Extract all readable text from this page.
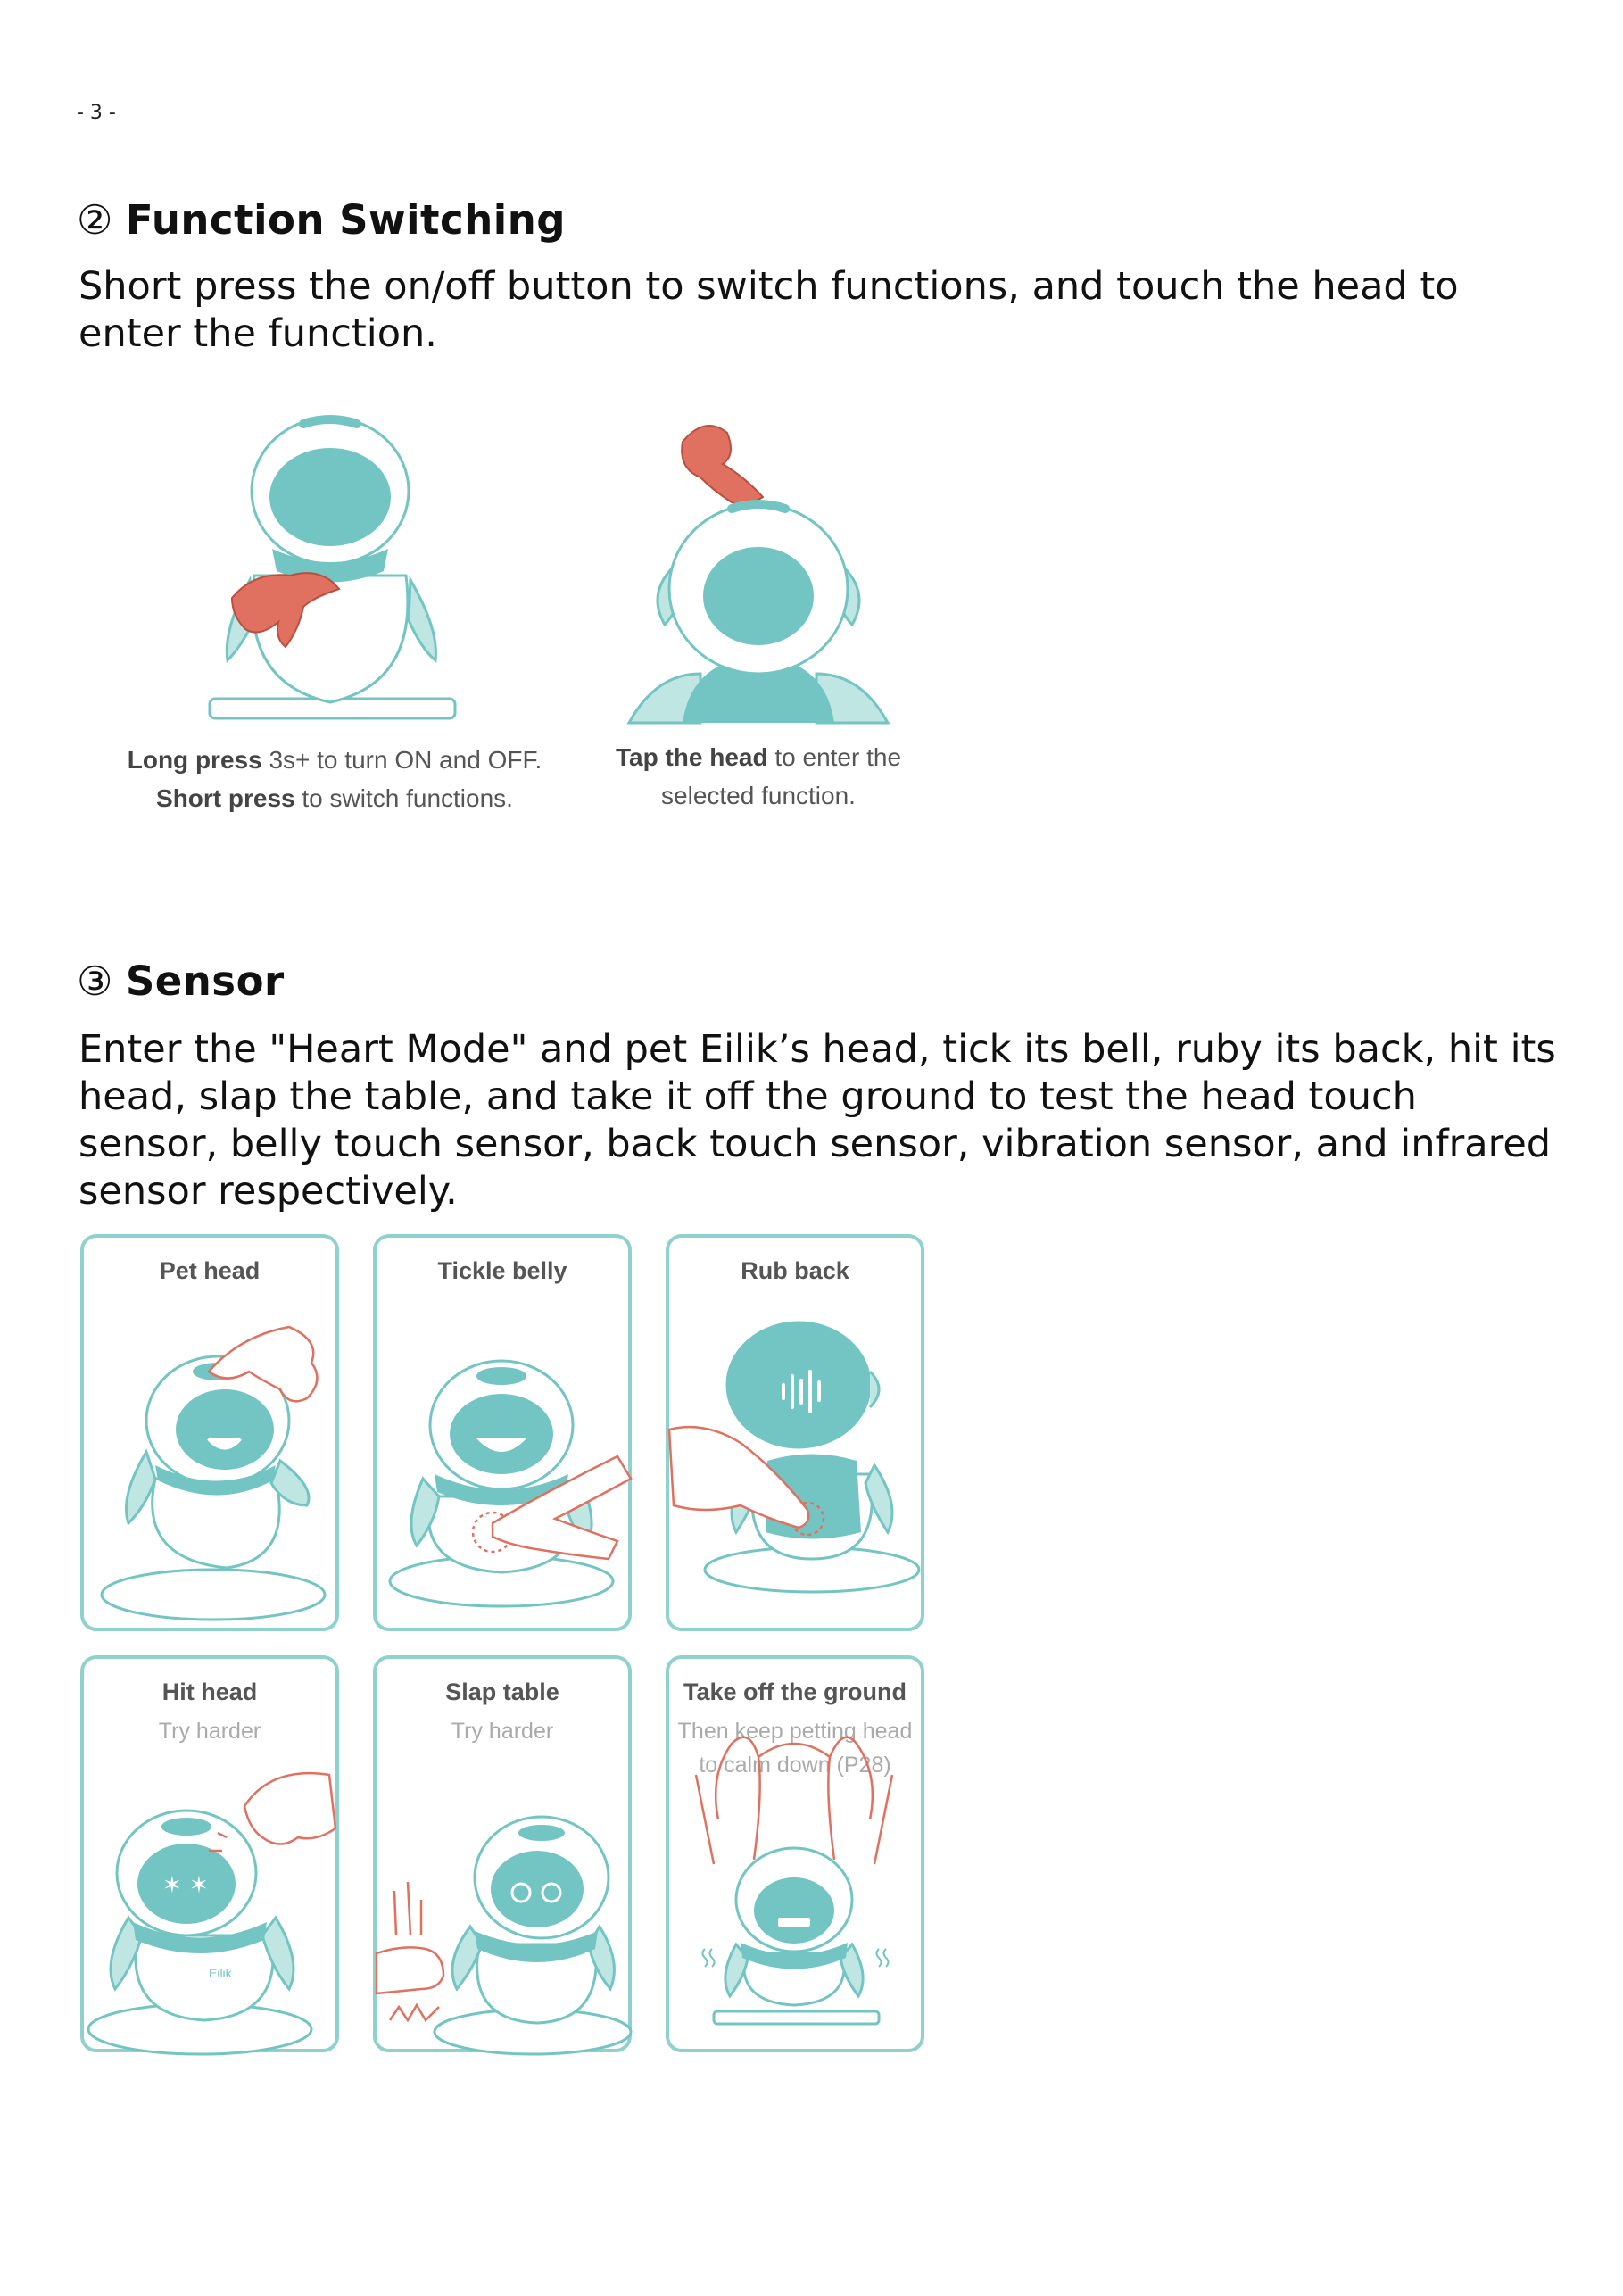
- 3 -
② Function Switching

Short press the on/off button to switch functions, and touch the head to enter the function.

Long press 3s+ to turn ON and OFF.
Short press to switch functions.
Tap the head to enter the
selected function.
③ Sensor

Enter the "Heart Mode" and pet Eilik’s head, tick its bell, ruby its back, hit its head, slap the table, and take it off the ground to test the head touch sensor, belly touch sensor, back touch sensor, vibration sensor, and infrared sensor respectively.

Pet head	Tickle belly	Rub back
Hit head
Try harder
✶ ✶
Eilik
Slap table
Try harder
Take off the ground
Then keep petting head to calm down (P28)
